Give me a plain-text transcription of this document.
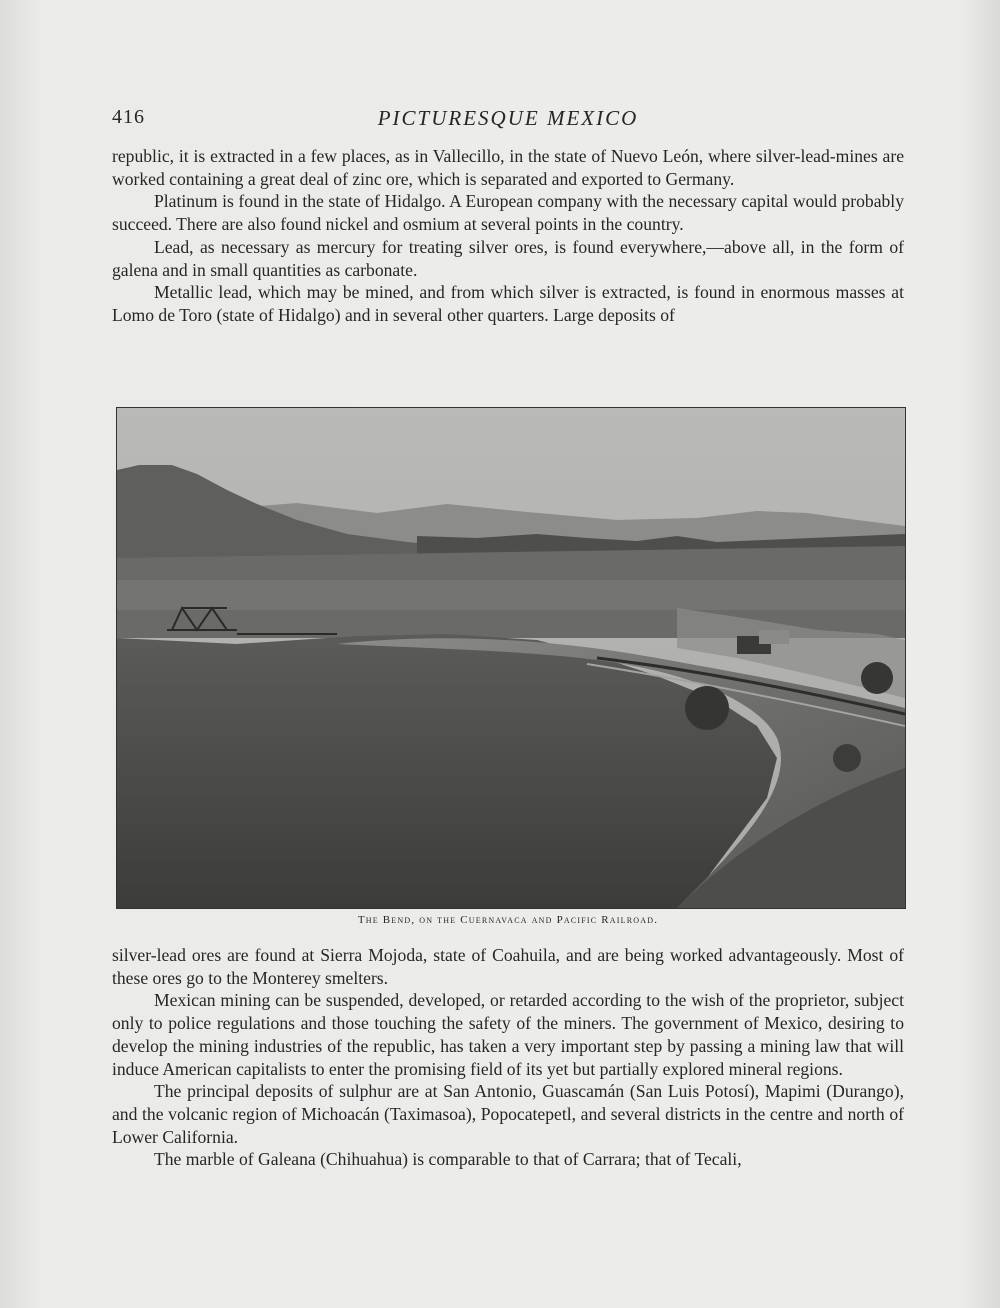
416	PICTURESQUE MEXICO

republic, it is extracted in a few places, as in Vallecillo, in the state of Nuevo León, where silver-lead-mines are worked containing a great deal of zinc ore, which is separated and exported to Germany.

Platinum is found in the state of Hidalgo. A European company with the necessary capital would probably succeed. There are also found nickel and osmium at several points in the country.

Lead, as necessary as mercury for treating silver ores, is found everywhere,—above all, in the form of galena and in small quantities as carbonate.

Metallic lead, which may be mined, and from which silver is extracted, is found in enormous masses at Lomo de Toro (state of Hidalgo) and in several other quarters. Large deposits of

The Bend, on the Cuernavaca and Pacific Railroad.

silver-lead ores are found at Sierra Mojoda, state of Coahuila, and are being worked advantageously. Most of these ores go to the Monterey smelters.

Mexican mining can be suspended, developed, or retarded according to the wish of the proprietor, subject only to police regulations and those touching the safety of the miners. The government of Mexico, desiring to develop the mining industries of the republic, has taken a very important step by passing a mining law that will induce American capitalists to enter the promising field of its yet but partially explored mineral regions.

The principal deposits of sulphur are at San Antonio, Guascamán (San Luis Potosí), Mapimi (Durango), and the volcanic region of Michoacán (Taximasoa), Popocatepetl, and several districts in the centre and north of Lower California.

The marble of Galeana (Chihuahua) is comparable to that of Carrara; that of Tecali,
